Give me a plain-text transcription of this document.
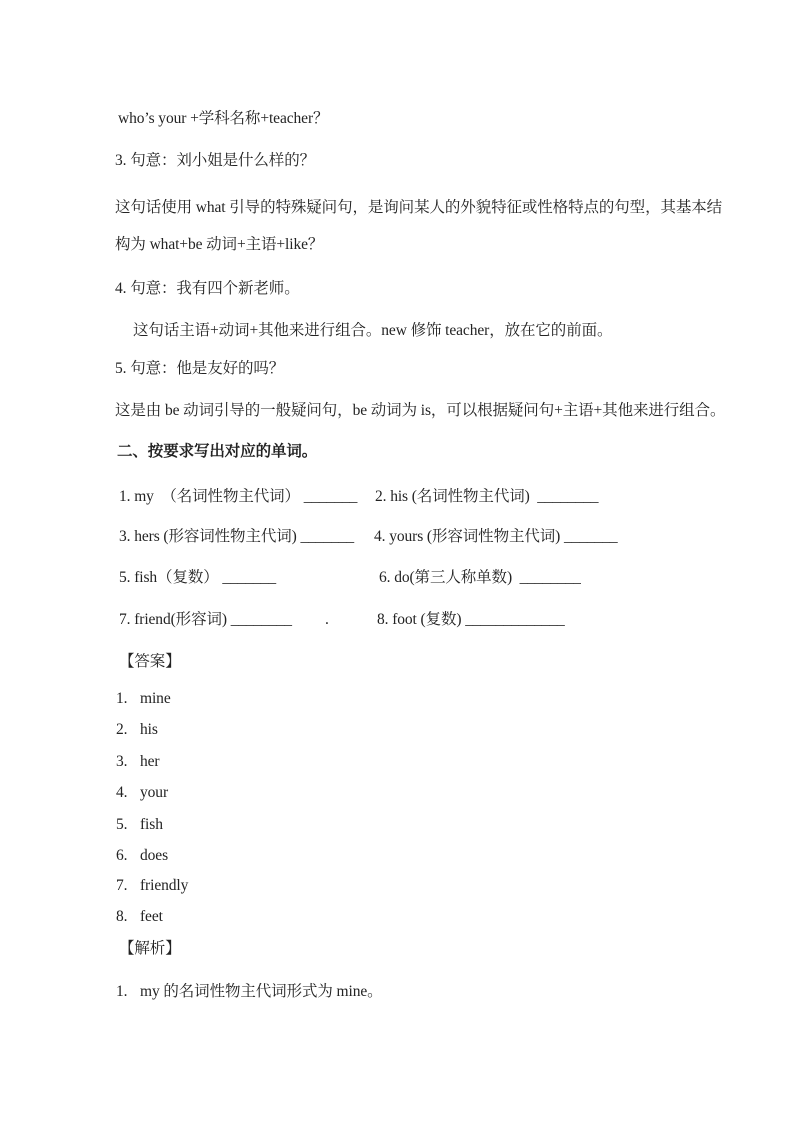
who’s your +学科名称+teacher？
3. 句意：刘小姐是什么样的？
这句话使用 what 引导的特殊疑问句，是询问某人的外貌特征或性格特点的句型，其基本结
构为 what+be 动词+主语+like？
4. 句意：我有四个新老师。
这句话主语+动词+其他来进行组合。new 修饰 teacher，放在它的前面。
5. 句意：他是友好的吗？
这是由 be 动词引导的一般疑问句，be 动词为 is，可以根据疑问句+主语+其他来进行组合。
二、按要求写出对应的单词。
1. my  （名词性物主代词） _______ 2. his (名词性物主代词)  ________
3. hers (形容词性物主代词) _______ 4. yours (形容词性物主代词) _______
5. fish（复数） _______	6. do(第三人称单数)  ________
7. friend(形容词) ________ .	8. foot (复数) _____________
【答案】
1. mine
2. his
3. her
4. your
5. fish
6. does
7. friendly
8. feet
【解析】
1. my 的名词性物主代词形式为 mine。
